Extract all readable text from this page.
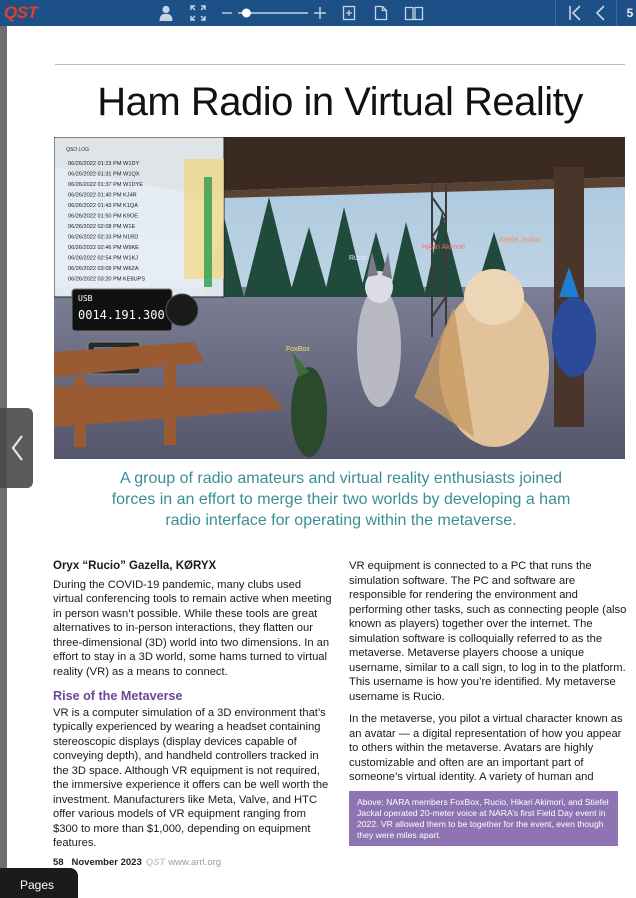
QST	5
Ham Radio in Virtual Reality
QSO LOG
06/26/2022 01:23 PM W1DY
06/26/2022 01:31 PM W1QX
06/26/2022 01:37 PM W1DYE
06/26/2022 01:40 PM KJ4R
06/26/2022 01:43 PM K1QA
06/26/2022 01:50 PM K9OE
06/26/2022 02:08 PM W1E
06/26/2022 02:33 PM N1RD
06/26/2022 02:46 PM W9KE
06/26/2022 02:54 PM W1KJ
06/26/2022 03:09 PM W6ZA
06/26/2022 03:20 PM KE8UPS
USB
0014.191.300
Rucio
Hikari Akimori
Stiefel Jackal
FoxBox
A group of radio amateurs and virtual reality enthusiasts joined forces in an effort to merge their two worlds by developing a ham radio interface for operating within the metaverse.
Oryx “Rucio” Gazella, KØRYX
During the COVID-19 pandemic, many clubs used virtual conferencing tools to remain active when meeting in person wasn’t possible. While these tools are great alternatives to in-person interactions, they flatten our three-dimensional (3D) world into two dimensions. In an effort to stay in a 3D world, some hams turned to virtual reality (VR) as a means to connect.
Rise of the Metaverse
VR is a computer simulation of a 3D environment that’s typically experienced by wearing a headset containing stereoscopic displays (display devices capable of conveying depth), and handheld controllers tracked in the 3D space. Although VR equipment is not required, the immersive experience it offers can be well worth the investment. Manufacturers like Meta, Valve, and HTC offer various models of VR equipment ranging from $300 to more than $1,000, depending on equipment features.
VR equipment is connected to a PC that runs the simulation software. The PC and software are responsible for rendering the environment and performing other tasks, such as connecting people (also known as players) together over the internet. The simulation software is colloquially referred to as the metaverse. Metaverse players choose a unique username, similar to a call sign, to log in to the platform. This username is how you’re identified. My metaverse username is Rucio.
In the metaverse, you pilot a virtual character known as an avatar — a digital representation of how you appear to others within the metaverse. Avatars are highly customizable and often are an important part of someone’s virtual identity. A variety of human and
Above: NARA members FoxBox, Rucio, Hikari Akimori, and Stiefel Jackal operated 20-meter voice at NARA’s first Field Day event in 2022. VR allowed them to be together for the event, even though they were miles apart.
58 November 2023 QST www.arrl.org
Pages
